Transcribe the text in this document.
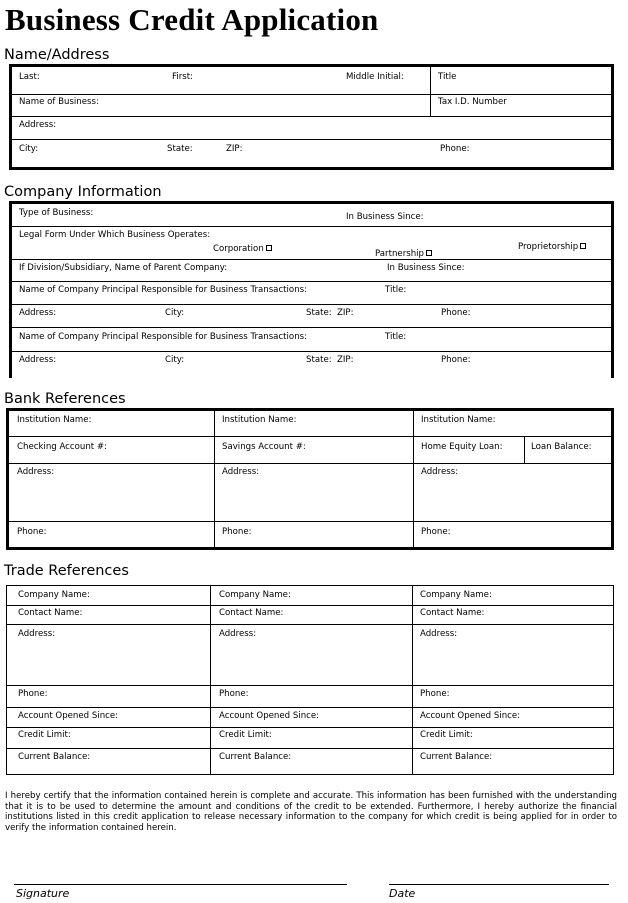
Business Credit Application
Name/Address
Last:	First:	Middle Initial:	Title
Name of Business:	Tax I.D. Number
Address:
City:	State:	ZIP:	Phone:
Company Information
Type of Business:	In Business Since:
Legal Form Under Which Business Operates:
Corporation	Partnership
Proprietorship
If Division/Subsidiary, Name of Parent Company:	In Business Since:
Name of Company Principal Responsible for Business Transactions:	Title:
Address:	City:	State: ZIP:	Phone:
Name of Company Principal Responsible for Business Transactions:	Title:
Address:	City:	State: ZIP:	Phone:
Bank References
Institution Name:	Institution Name:	Institution Name:
Checking Account #:	Savings Account #:	Home Equity Loan:	Loan Balance:
Address:	Address:	Address:
Phone:	Phone:	Phone:
Trade References
Company Name:	Company Name:	Company Name:
Contact Name:	Contact Name:	Contact Name:
Address:	Address:	Address:
Phone:	Phone:	Phone:
Account Opened Since:	Account Opened Since:	Account Opened Since:
Credit Limit:	Credit Limit:	Credit Limit:
Current Balance:	Current Balance:	Current Balance:
I hereby certify that the information contained herein is complete and accurate. This information has been furnished with the understanding that it is to be used to determine the amount and conditions of the credit to be extended. Furthermore, I hereby authorize the financial institutions listed in this credit application to release necessary information to the company for which credit is being applied for in order to verify the information contained herein.
Signature	Date
